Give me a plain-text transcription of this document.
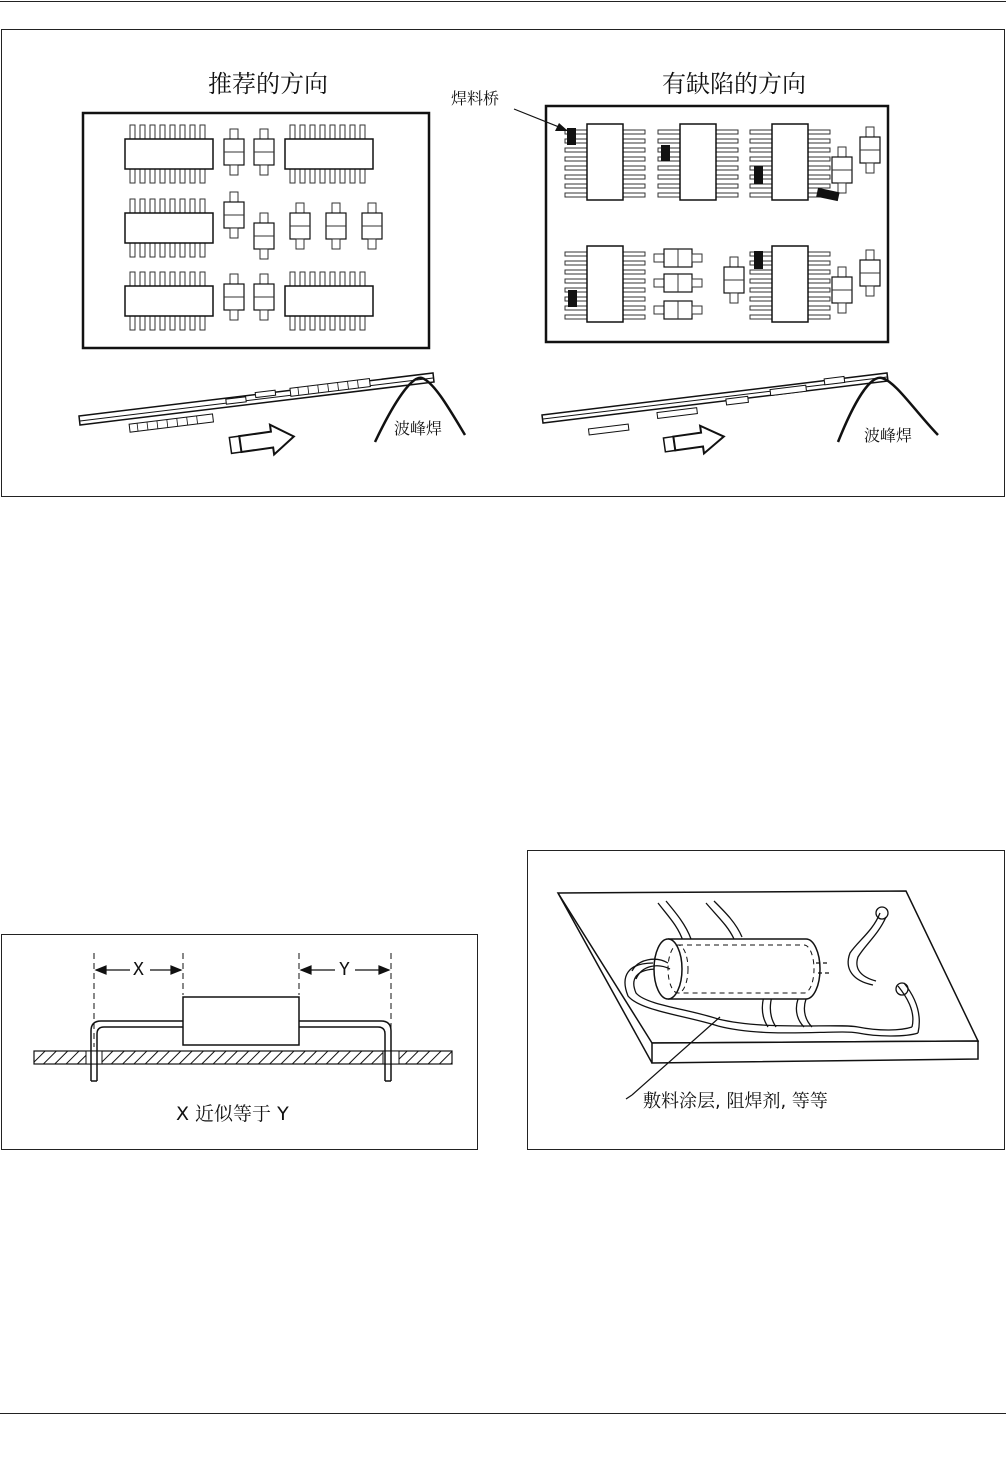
推荐的方向	有缺陷的方向
焊料桥
波峰焊	波峰焊
X	Y
X 近似等于 Y
敷料涂层, 阻焊剂, 等等
